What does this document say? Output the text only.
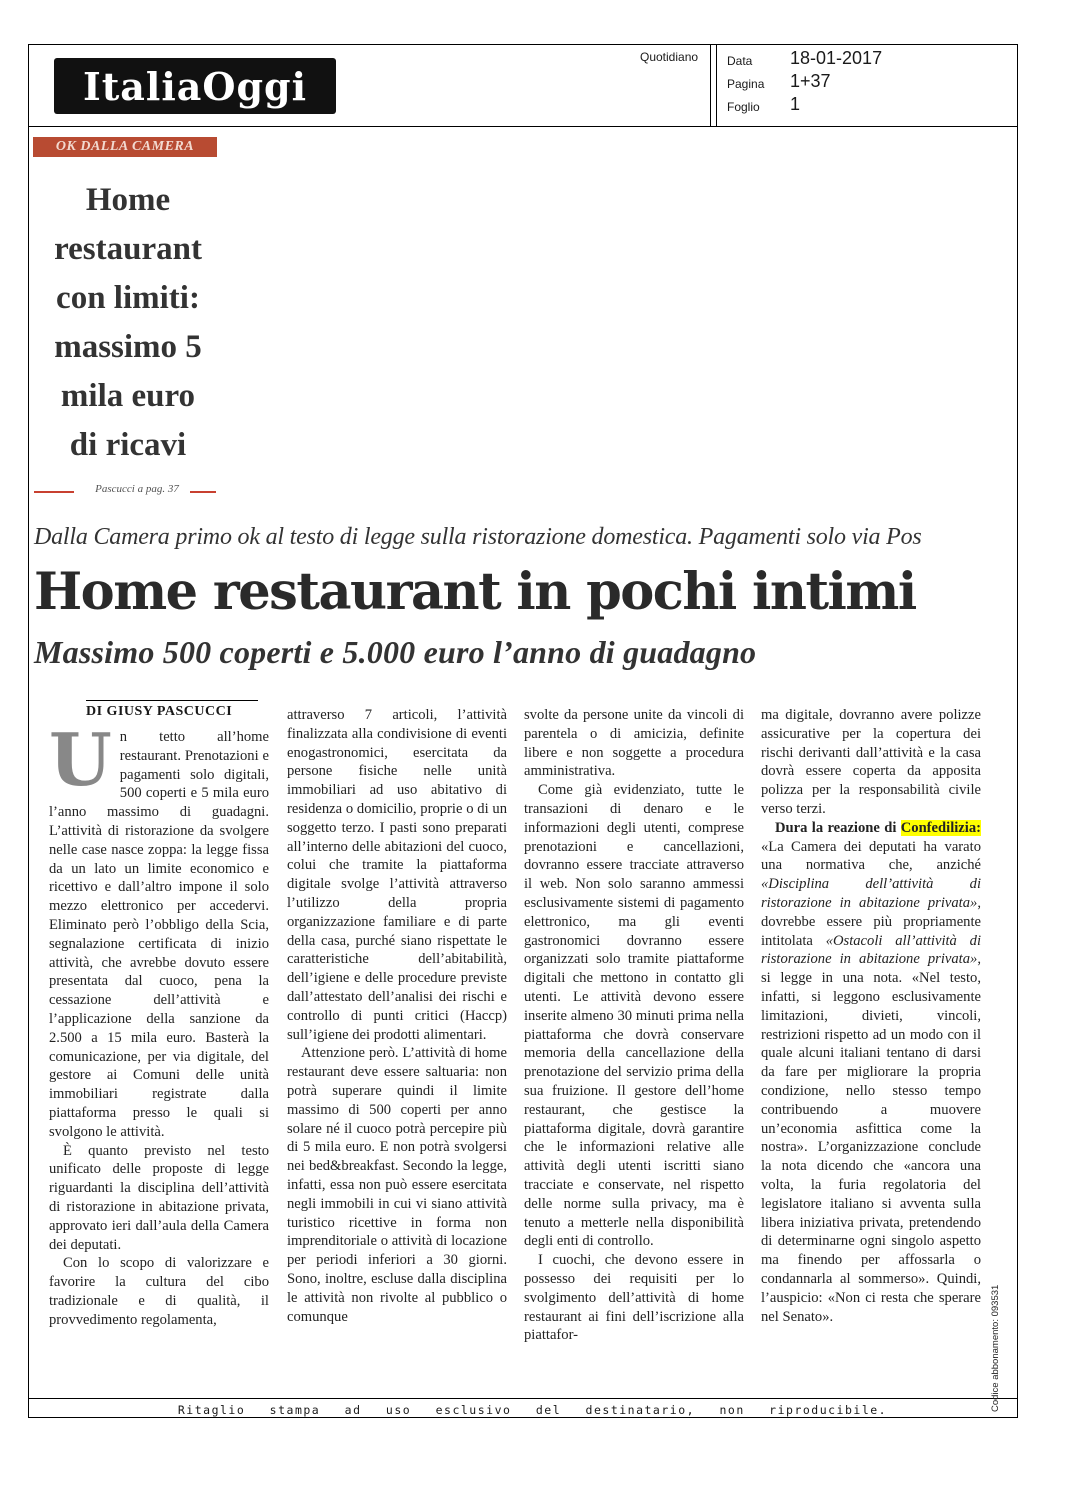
ItaliaOggi
Quotidiano Data 18-01-2017
Pagina 1+37
Foglio 1
OK DALLA CAMERA
Home
restaurant
con limiti:
massimo 5
mila euro
di ricavi
Pascucci a pag. 37
Dalla Camera primo ok al testo di legge sulla ristorazione domestica. Pagamenti solo via Pos
Home restaurant in pochi intimi
Massimo 500 coperti e 5.000 euro l’anno di guadagno
DI GIUSY PASCUCCI

Un tetto all’home restaurant. Prenotazioni e pagamenti solo digitali, 500 coperti e 5 mila euro l’anno massimo di guadagni. L’attività di ristorazione da svolgere nelle case nasce zoppa: la legge fissa da un lato un limite economico e ricettivo e dall’altro impone il solo mezzo elettronico per accedervi. Eliminato però l’obbligo della Scia, segnalazione certificata di inizio attività, che avrebbe dovuto essere presentata dal cuoco, pena la cessazione dell’attività e l’applicazione della sanzione da 2.500 a 15 mila euro. Basterà la comunicazione, per via digitale, del gestore ai Comuni delle unità immobiliari registrate dalla piattaforma presso le quali si svolgono le attività.

È quanto previsto nel testo unificato delle proposte di legge riguardanti la disciplina dell’attività di ristorazione in abitazione privata, approvato ieri dall’aula della Camera dei deputati.

Con lo scopo di valorizzare e favorire la cultura del cibo tradizionale e di qualità, il provvedimento regolamenta,

attraverso 7 articoli, l’attività finalizzata alla condivisione di eventi enogastronomici, esercitata da persone fisiche nelle unità immobiliari ad uso abitativo di residenza o domicilio, proprie o di un soggetto terzo. I pasti sono preparati all’interno delle abitazioni del cuoco, colui che tramite la piattaforma digitale svolge l’attività attraverso l’utilizzo della propria organizzazione familiare e di parte della casa, purché siano rispettate le caratteristiche dell’abitabilità, dell’igiene e delle procedure previste dall’attestato dell’analisi dei rischi e controllo di punti critici (Haccp) sull’igiene dei prodotti alimentari.

Attenzione però. L’attività di home restaurant deve essere saltuaria: non potrà superare quindi il limite massimo di 500 coperti per anno solare né il cuoco potrà percepire più di 5 mila euro. E non potrà svolgersi nei bed&breakfast. Secondo la legge, infatti, essa non può essere esercitata negli immobili in cui vi siano attività turistico ricettive in forma non imprenditoriale o attività di locazione per periodi inferiori a 30 giorni. Sono, inoltre, escluse dalla disciplina le attività non rivolte al pubblico o comunque

svolte da persone unite da vincoli di parentela o di amicizia, definite libere e non soggette a procedura amministrativa.

Come già evidenziato, tutte le transazioni di denaro e le informazioni degli utenti, comprese prenotazioni e cancellazioni, dovranno essere tracciate attraverso il web. Non solo saranno ammessi esclusivamente sistemi di pagamento elettronico, ma gli eventi gastronomici dovranno essere organizzati solo tramite piattaforme digitali che mettono in contatto gli utenti. Le attività devono essere inserite almeno 30 minuti prima nella piattaforma che dovrà conservare memoria della cancellazione della prenotazione del servizio prima della sua fruizione. Il gestore dell’home restaurant, che gestisce la piattaforma digitale, dovrà garantire che le informazioni relative alle attività degli utenti iscritti siano tracciate e conservate, nel rispetto delle norme sulla privacy, ma è tenuto a metterle nella disponibilità degli enti di controllo.

I cuochi, che devono essere in possesso dei requisiti per lo svolgimento dell’attività di home restaurant ai fini dell’iscrizione alla piattafor-

ma digitale, dovranno avere polizze assicurative per la copertura dei rischi derivanti dall’attività e la casa dovrà essere coperta da apposita polizza per la responsabilità civile verso terzi.

Dura la reazione di Confedilizia: «La Camera dei deputati ha varato una normativa che, anziché «Disciplina dell’attività di ristorazione in abitazione privata», dovrebbe essere più propriamente intitolata «Ostacoli all’attività di ristorazione in abitazione privata», si legge in una nota. «Nel testo, infatti, si leggono esclusivamente limitazioni, divieti, vincoli, restrizioni rispetto ad un modo con il quale alcuni italiani tentano di darsi da fare per migliorare la propria condizione, nello stesso tempo contribuendo a muovere un’economia asfittica come la nostra». L’organizzazione conclude la nota dicendo che «ancora una volta, la furia regolatoria del legislatore italiano si avventa sulla libera iniziativa privata, pretendendo di determinarne ogni singolo aspetto ma finendo per affossarla o condannarla al sommerso». Quindi, l’auspicio: «Non ci resta che sperare nel Senato».

Ritaglio stampa ad uso esclusivo del destinatario, non riproducibile.	Codice abbonamento: 093531
